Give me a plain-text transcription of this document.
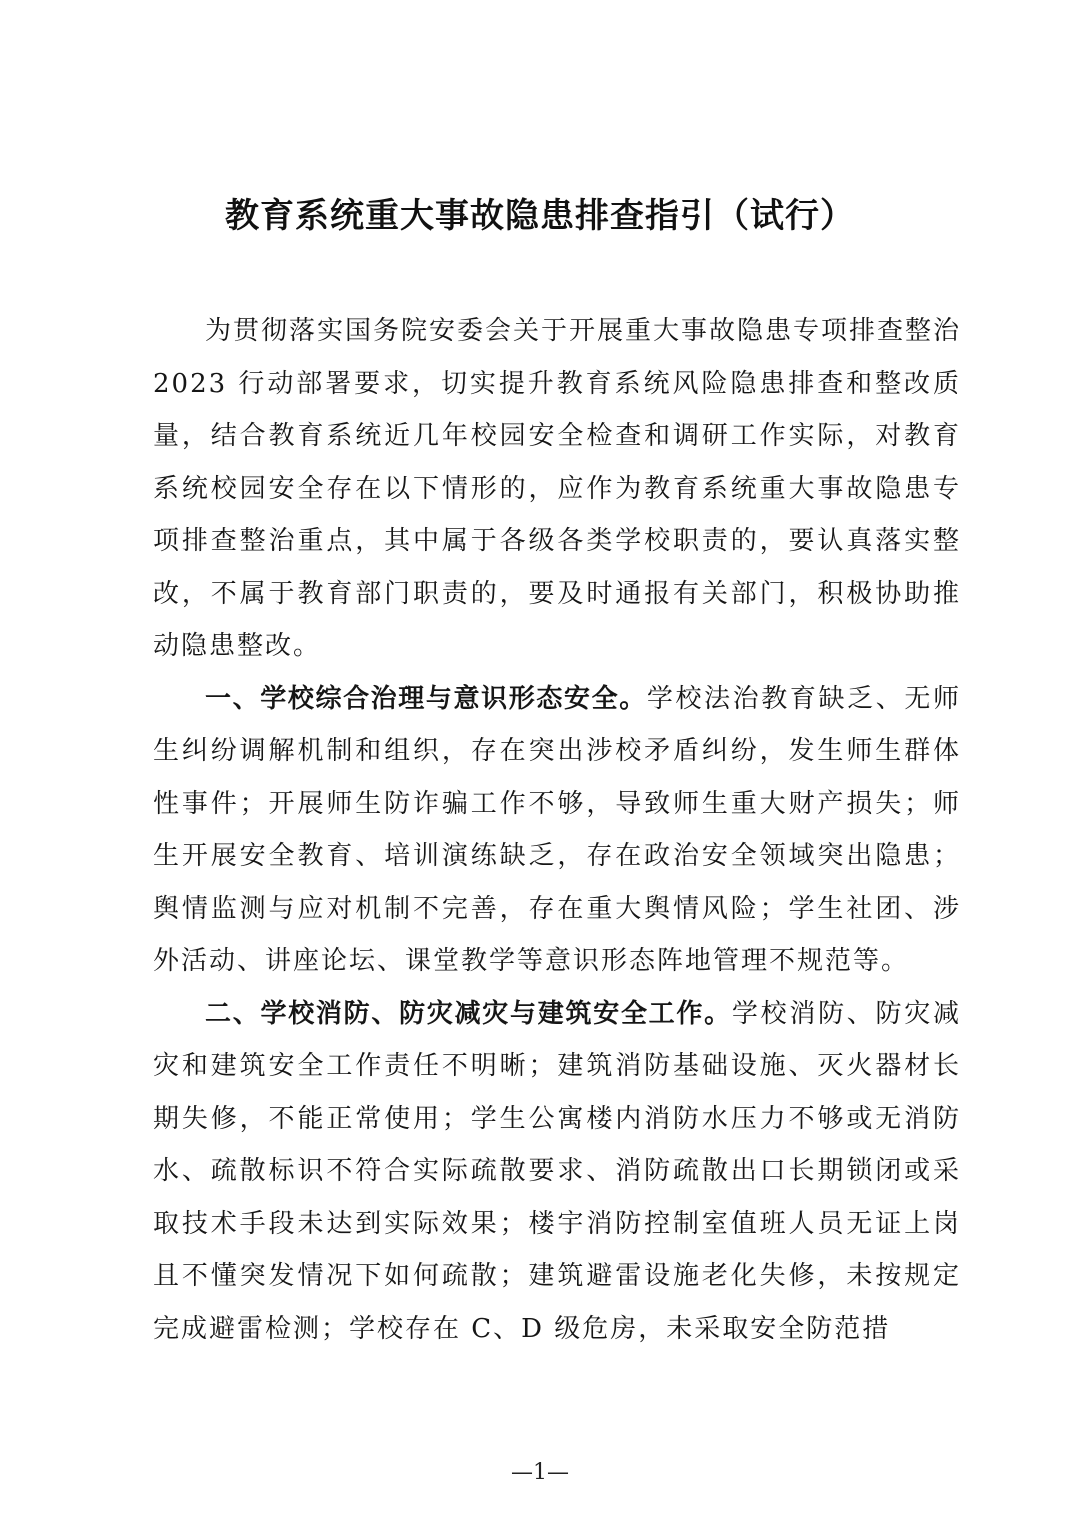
教育系统重大事故隐患排查指引（试行）

为贯彻落实国务院安委会关于开展重大事故隐患专项排查整治 2023 行动部署要求，切实提升教育系统风险隐患排查和整改质量，结合教育系统近几年校园安全检查和调研工作实际，对教育系统校园安全存在以下情形的，应作为教育系统重大事故隐患专项排查整治重点，其中属于各级各类学校职责的，要认真落实整改，不属于教育部门职责的，要及时通报有关部门，积极协助推动隐患整改。

一、学校综合治理与意识形态安全。学校法治教育缺乏、无师生纠纷调解机制和组织，存在突出涉校矛盾纠纷，发生师生群体性事件；开展师生防诈骗工作不够，导致师生重大财产损失；师生开展安全教育、培训演练缺乏，存在政治安全领域突出隐患；舆情监测与应对机制不完善，存在重大舆情风险；学生社团、涉外活动、讲座论坛、课堂教学等意识形态阵地管理不规范等。

二、学校消防、防灾减灾与建筑安全工作。学校消防、防灾减灾和建筑安全工作责任不明晰；建筑消防基础设施、灭火器材长期失修，不能正常使用；学生公寓楼内消防水压力不够或无消防水、疏散标识不符合实际疏散要求、消防疏散出口长期锁闭或采取技术手段未达到实际效果；楼宇消防控制室值班人员无证上岗且不懂突发情况下如何疏散；建筑避雷设施老化失修，未按规定完成避雷检测；学校存在 C、D 级危房，未采取安全防范措

—1—
